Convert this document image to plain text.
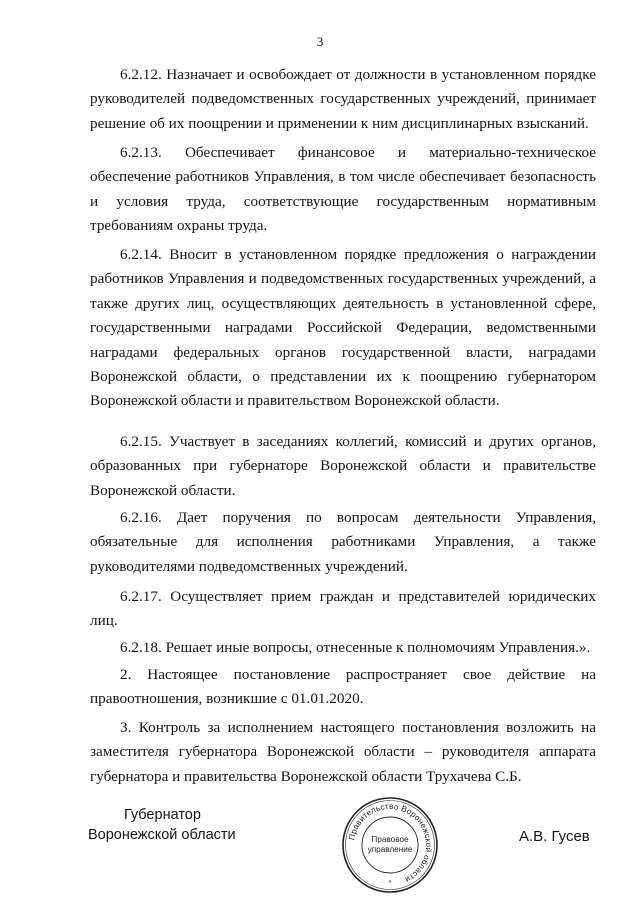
3

6.2.12. Назначает и освобождает от должности в установленном порядке руководителей подведомственных государственных учреждений, принимает решение об их поощрении и применении к ним дисциплинарных взысканий.

6.2.13. Обеспечивает финансовое и материально-техническое обеспечение работников Управления, в том числе обеспечивает безопасность и условия труда, соответствующие государственным нормативным требованиям охраны труда.

6.2.14. Вносит в установленном порядке предложения о награждении работников Управления и подведомственных государственных учреждений, а также других лиц, осуществляющих деятельность в установленной сфере, государственными наградами Российской Федерации, ведомственными наградами федеральных органов государственной власти, наградами Воронежской области, о представлении их к поощрению губернатором Воронежской области и правительством Воронежской области.

6.2.15. Участвует в заседаниях коллегий, комиссий и других органов, образованных при губернаторе Воронежской области и правительстве Воронежской области.

6.2.16. Дает поручения по вопросам деятельности Управления, обязательные для исполнения работниками Управления, а также руководителями подведомственных учреждений.

6.2.17. Осуществляет прием граждан и представителей юридических лиц.

6.2.18. Решает иные вопросы, отнесенные к полномочиям Управления.».

2. Настоящее постановление распространяет свое действие на правоотношения, возникшие с 01.01.2020.

3. Контроль за исполнением настоящего постановления возложить на заместителя губернатора Воронежской области – руководителя аппарата губернатора и правительства Воронежской области Трухачева С.Б.

Губернатор
Воронежской области	Правительство Воронежской области
Правовое
управление
*
А.В. Гусев
